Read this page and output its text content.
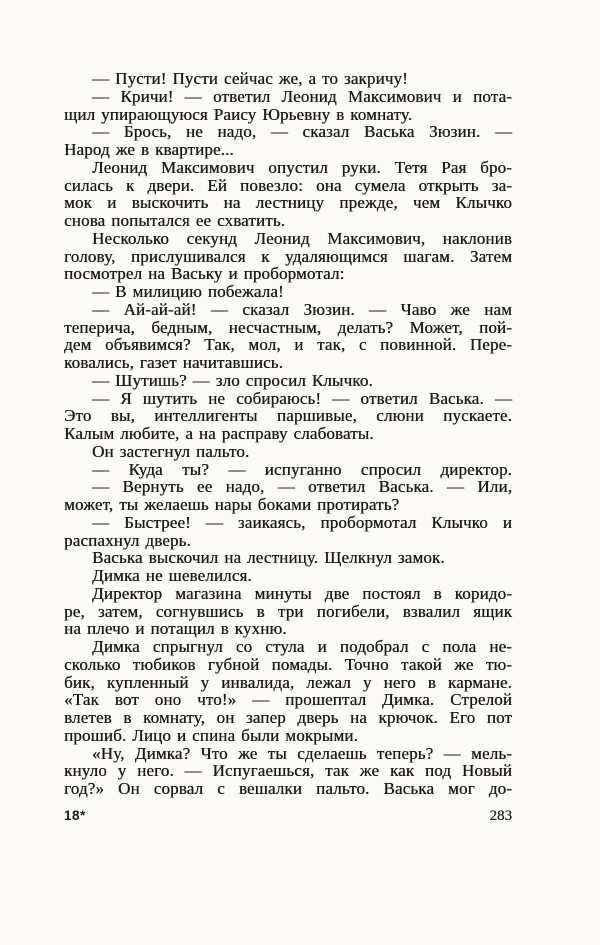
— Пусти! Пусти сейчас же, а то закричу!
— Кричи! — ответил Леонид Максимович и пота-
щил упирающуюся Раису Юрьевну в комнату.
— Брось, не надо, — сказал Васька Зюзин. —
Народ же в квартире...
Леонид Максимович опустил руки. Тетя Рая бро-
силась к двери. Ей повезло: она сумела открыть за-
мок и выскочить на лестницу прежде, чем Клычко
снова попытался ее схватить.
Несколько секунд Леонид Максимович, наклонив
голову, прислушивался к удаляющимся шагам. Затем
посмотрел на Ваську и пробормотал:
— В милицию побежала!
— Ай-ай-ай! — сказал Зюзин. — Чаво же нам
теперича, бедным, несчастным, делать? Может, пой-
дем объявимся? Так, мол, и так, с повинной. Пере-
ковались, газет начитавшись.
— Шутишь? — зло спросил Клычко.
— Я шутить не собираюсь! — ответил Васька. —
Это вы, интеллигенты паршивые, слюни пускаете.
Калым любите, а на расправу слабоваты.
Он застегнул пальто.
— Куда ты? — испуганно спросил директор.
— Вернуть ее надо, — ответил Васька. — Или,
может, ты желаешь нары боками протирать?
— Быстрее! — заикаясь, пробормотал Клычко и
распахнул дверь.
Васька выскочил на лестницу. Щелкнул замок.
Димка не шевелился.
Директор магазина минуты две постоял в коридо-
ре, затем, согнувшись в три погибели, взвалил ящик
на плечо и потащил в кухню.
Димка спрыгнул со стула и подобрал с пола не-
сколько тюбиков губной помады. Точно такой же тю-
бик, купленный у инвалида, лежал у него в кармане.
«Так вот оно что!» — прошептал Димка. Стрелой
влетев в комнату, он запер дверь на крючок. Его пот
прошиб. Лицо и спина были мокрыми.
«Ну, Димка? Что же ты сделаешь теперь? — мель-
кнуло у него. — Испугаешься, так же как под Новый
год?» Он сорвал с вешалки пальто. Васька мог до-
18*	283
